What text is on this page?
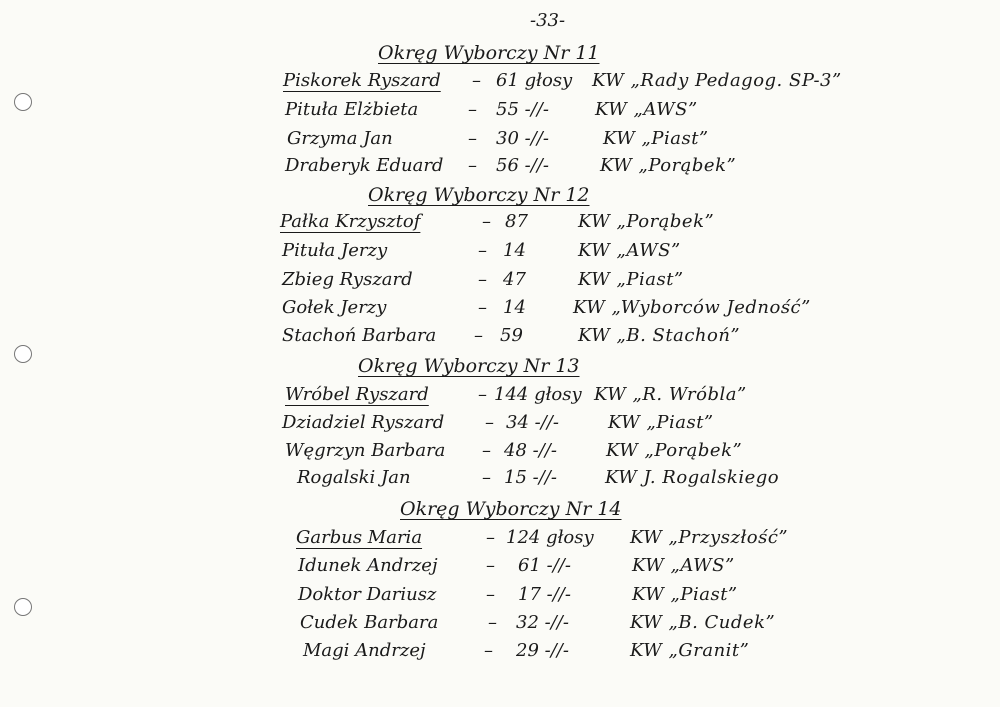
-33-
Okręg Wyborczy Nr 11
Piskorek Ryszard – 61 głosy KW „Rady Pedagog. SP-3”
Pituła Elżbieta	– 55 -//-	KW „AWS”
Grzyma Jan	– 30 -//-	KW „Piast”
Draberyk Eduard – 56 -//-	KW „Porąbek”
Okręg Wyborczy Nr 12
Pałka Krzysztof	– 87	KW „Porąbek”
Pituła Jerzy	– 14	KW „AWS”
Zbieg Ryszard	– 47	KW „Piast”
Gołek Jerzy	– 14	KW „Wyborców Jedność”
Stachoń Barbara – 59	KW „B. Stachoń”
Okręg Wyborczy Nr 13
Wróbel Ryszard	– 144 głosy KW „R. Wróbla”
Dziadziel Ryszard – 34 -//-	KW „Piast”
Węgrzyn Barbara – 48 -//-	KW „Porąbek”
Rogalski Jan	– 15 -//-	KW J. Rogalskiego
Okręg Wyborczy Nr 14
Garbus Maria	– 124 głosy KW „Przyszłość”
Idunek Andrzej	– 61 -//-	KW „AWS”
Doktor Dariusz	– 17 -//-	KW „Piast”
Cudek Barbara	– 32 -//-	KW „B. Cudek”
Magi Andrzej	– 29 -//-	KW „Granit”
